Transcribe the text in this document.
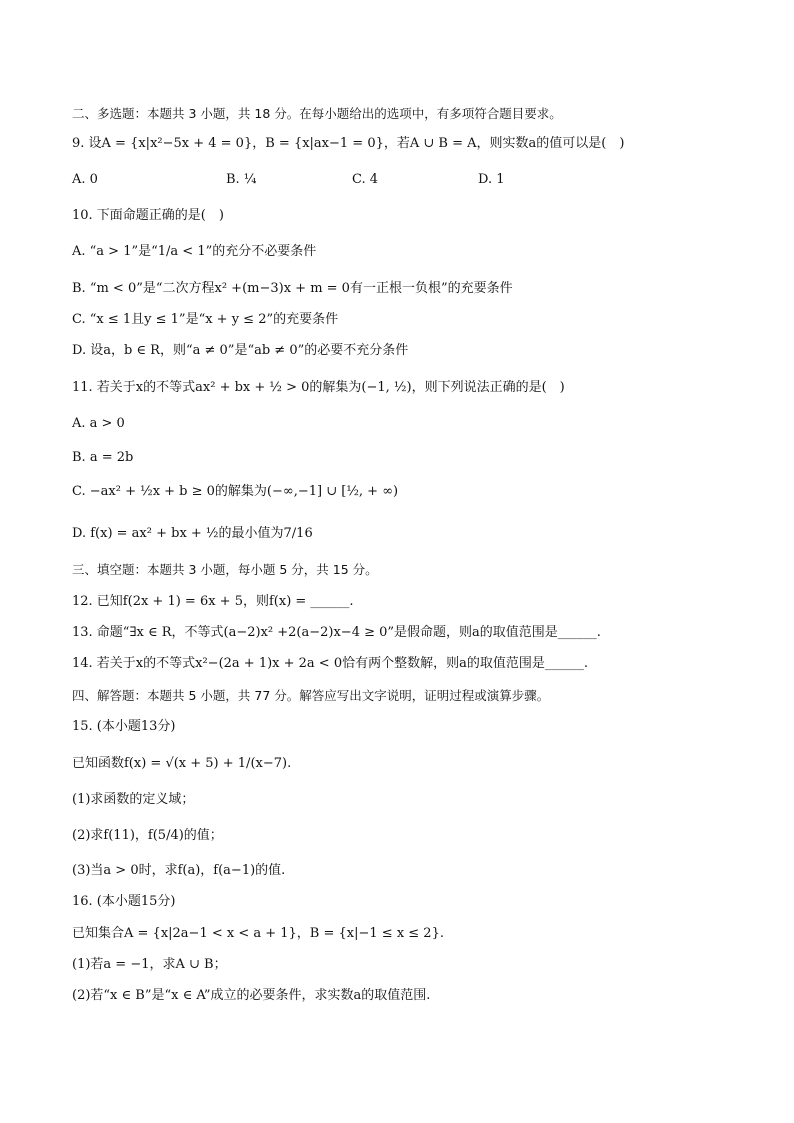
二、多选题：本题共 3 小题，共 18 分。在每小题给出的选项中，有多项符合题目要求。
9. 设A = {x|x²−5x + 4 = 0}，B = {x|ax−1 = 0}，若A ∪ B = A，则实数a的值可以是(　)
A. 0	B. ¼	C. 4	D. 1
10. 下面命题正确的是(　)
A. “a > 1”是“1/a < 1”的充分不必要条件
B. “m < 0”是“二次方程x² +(m−3)x + m = 0有一正根一负根”的充要条件
C. “x ≤ 1且y ≤ 1”是“x + y ≤ 2”的充要条件
D. 设a，b ∈ R，则“a ≠ 0”是“ab ≠ 0”的必要不充分条件
11. 若关于x的不等式ax² + bx + ½ > 0的解集为(−1, ½)，则下列说法正确的是(　)
A. a > 0
B. a = 2b
C. −ax² + ½x + b ≥ 0的解集为(−∞,−1] ∪ [½, + ∞)
D. f(x) = ax² + bx + ½的最小值为7/16
三、填空题：本题共 3 小题，每小题 5 分，共 15 分。
12. 已知f(2x + 1) = 6x + 5，则f(x) = ______.
13. 命题“∃x ∈ R，不等式(a−2)x² +2(a−2)x−4 ≥ 0”是假命题，则a的取值范围是______.
14. 若关于x的不等式x²−(2a + 1)x + 2a < 0恰有两个整数解，则a的取值范围是______.
四、解答题：本题共 5 小题，共 77 分。解答应写出文字说明，证明过程或演算步骤。
15. (本小题13分)
已知函数f(x) = √(x + 5) + 1/(x−7).
(1)求函数的定义域；
(2)求f(11)，f(5/4)的值；
(3)当a > 0时，求f(a)，f(a−1)的值.
16. (本小题15分)
已知集合A = {x|2a−1 < x < a + 1}，B = {x|−1 ≤ x ≤ 2}.
(1)若a = −1，求A ∪ B；
(2)若“x ∈ B”是“x ∈ A”成立的必要条件，求实数a的取值范围.
